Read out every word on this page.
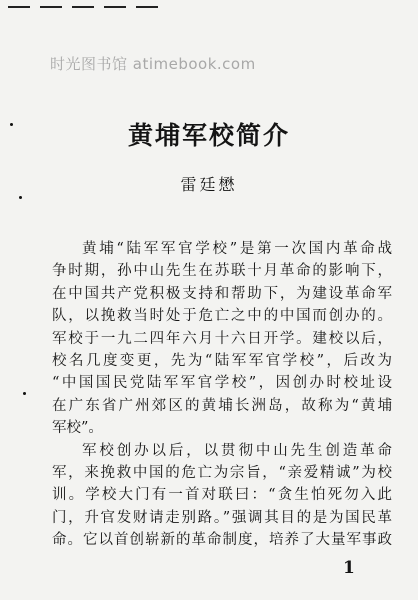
时光图书馆 atimebook.com
黄埔军校简介
雷廷懋
黄埔“陆军军官学校”是第一次国内革命战
争时期，孙中山先生在苏联十月革命的影响下，
在中国共产党积极支持和帮助下，为建设革命军
队，以挽救当时处于危亡之中的中国而创办的。
军校于一九二四年六月十六日开学。建校以后，
校名几度变更，先为“陆军军官学校”，后改为
“中国国民党陆军军官学校”，因创办时校址设
在广东省广州郊区的黄埔长洲岛，故称为“黄埔
军校”。
军校创办以后，以贯彻中山先生创造革命
军，来挽救中国的危亡为宗旨，“亲爱精诚”为校
训。学校大门有一首对联曰：“贪生怕死勿入此
门，升官发财请走别路。”强调其目的是为国民革
命。它以首创崭新的革命制度，培养了大量军事政
1
